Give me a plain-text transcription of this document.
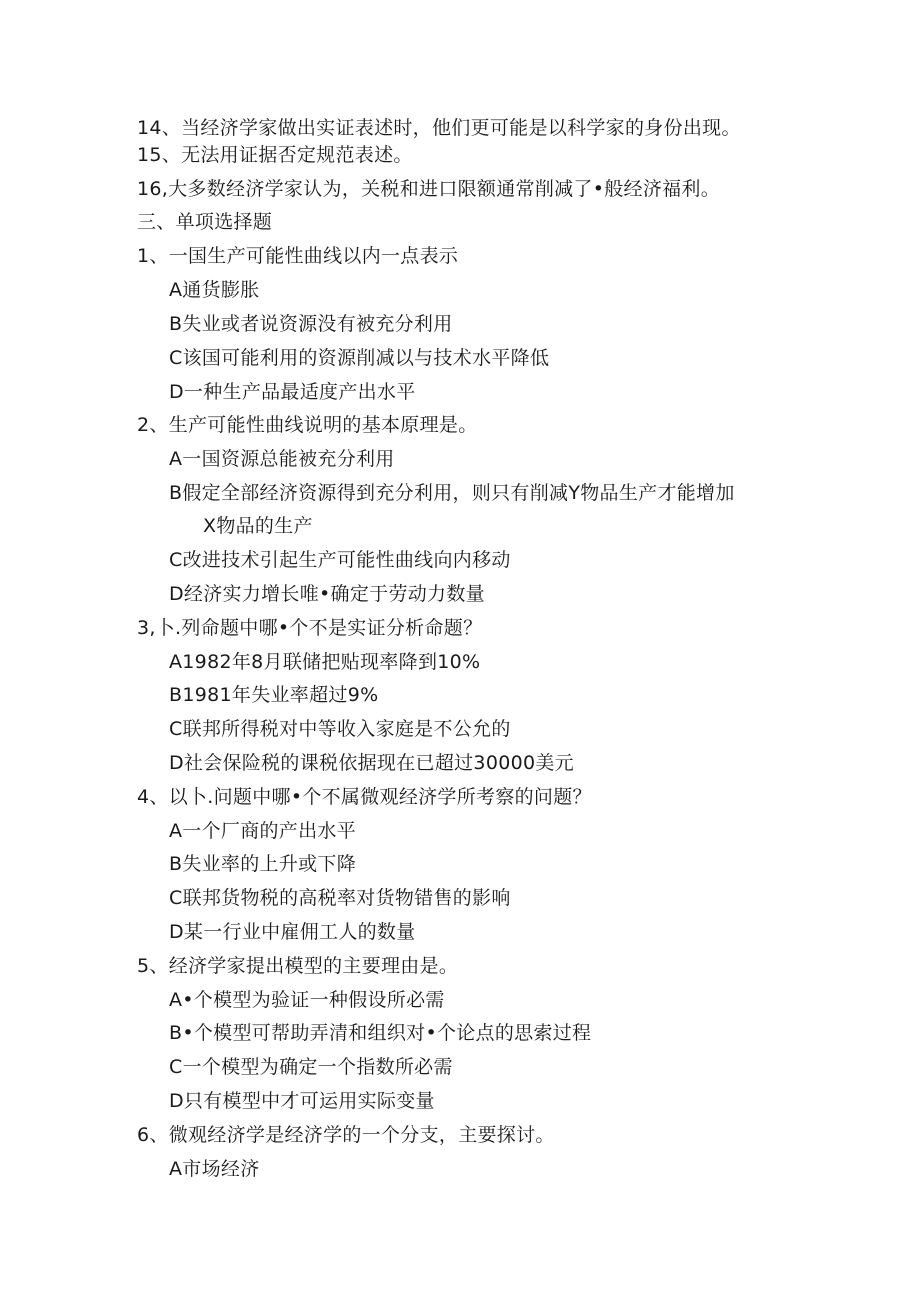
14、当经济学家做出实证表述时，他们更可能是以科学家的身份出现。
15、无法用证据否定规范表述。
16,大多数经济学家认为，关税和进口限额通常削减了•般经济福利。
三、单项选择题
1、一国生产可能性曲线以内一点表示
A通货膨胀
B失业或者说资源没有被充分利用
C该国可能利用的资源削减以与技术水平降低
D一种生产品最适度产出水平
2、生产可能性曲线说明的基本原理是。
A一国资源总能被充分利用
B假定全部经济资源得到充分利用，则只有削减Y物品生产才能增加
X物品的生产
C改进技术引起生产可能性曲线向内移动
D经济实力增长唯•确定于劳动力数量
3,卜.列命题中哪•个不是实证分析命题？
A1982年8月联储把贴现率降到10%
B1981年失业率超过9%
C联邦所得税对中等收入家庭是不公允的
D社会保险税的课税依据现在已超过30000美元
4、以卜.问题中哪•个不属微观经济学所考察的问题？
A一个厂商的产出水平
B失业率的上升或下降
C联邦货物税的高税率对货物错售的影响
D某一行业中雇佣工人的数量
5、经济学家提出模型的主要理由是。
A•个模型为验证一种假设所必需
B•个模型可帮助弄清和组织对•个论点的思索过程
C一个模型为确定一个指数所必需
D只有模型中才可运用实际变量
6、微观经济学是经济学的一个分支，主要探讨。
A市场经济
